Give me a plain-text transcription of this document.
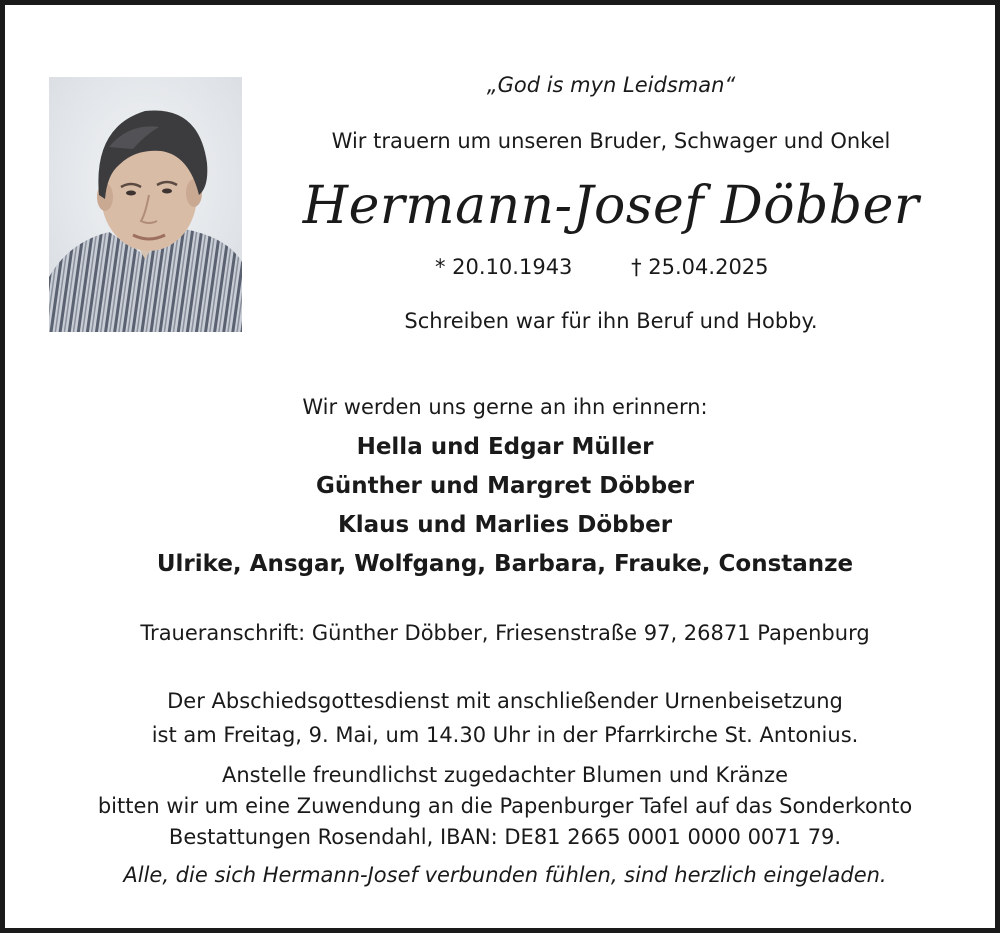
„God is myn Leidsman“
Wir trauern um unseren Bruder, Schwager und Onkel
Hermann-Josef Döbber
* 20.10.1943	† 25.04.2025
Schreiben war für ihn Beruf und Hobby.
Wir werden uns gerne an ihn erinnern:
Hella und Edgar Müller
Günther und Margret Döbber
Klaus und Marlies Döbber
Ulrike, Ansgar, Wolfgang, Barbara, Frauke, Constanze
Traueranschrift: Günther Döbber, Friesenstraße 97, 26871 Papenburg
Der Abschiedsgottesdienst mit anschließender Urnenbeisetzung
ist am Freitag, 9. Mai, um 14.30 Uhr in der Pfarrkirche St. Antonius.
Anstelle freundlichst zugedachter Blumen und Kränze
bitten wir um eine Zuwendung an die Papenburger Tafel auf das Sonderkonto
Bestattungen Rosendahl, IBAN: DE81 2665 0001 0000 0071 79.
Alle, die sich Hermann-Josef verbunden fühlen, sind herzlich eingeladen.
